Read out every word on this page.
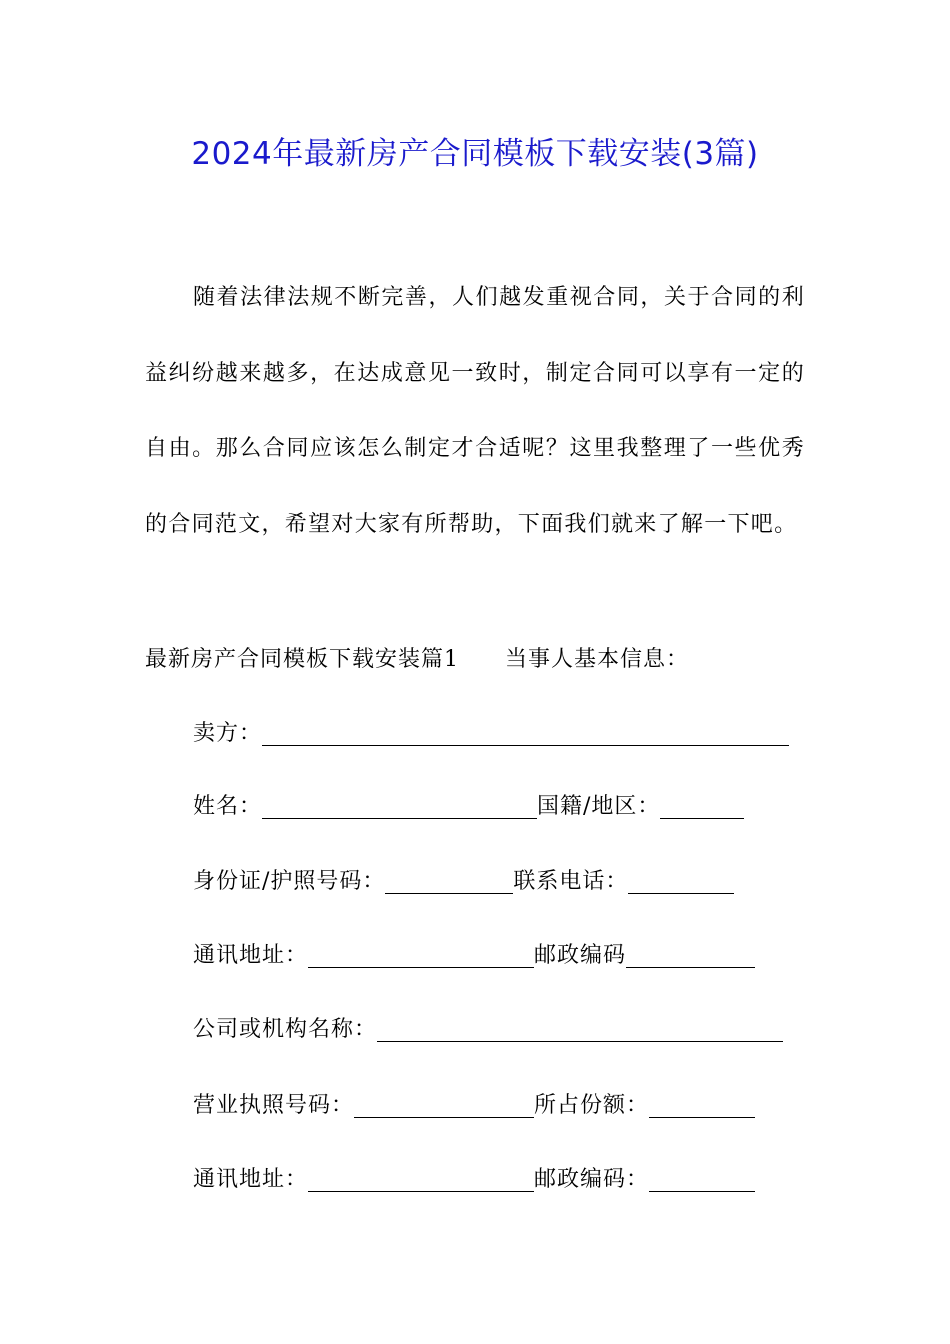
2024年最新房产合同模板下载安装(3篇)

随着法律法规不断完善，人们越发重视合同，关于合同的利益纠纷越来越多，在达成意见一致时，制定合同可以享有一定的自由。那么合同应该怎么制定才合适呢？这里我整理了一些优秀的合同范文，希望对大家有所帮助，下面我们就来了解一下吧。

最新房产合同模板下载安装篇1 当事人基本信息：
卖方：
姓名：	国籍/地区：
身份证/护照号码：	联系电话：
通讯地址：	邮政编码
公司或机构名称：
营业执照号码：	所占份额：
通讯地址：	邮政编码：
